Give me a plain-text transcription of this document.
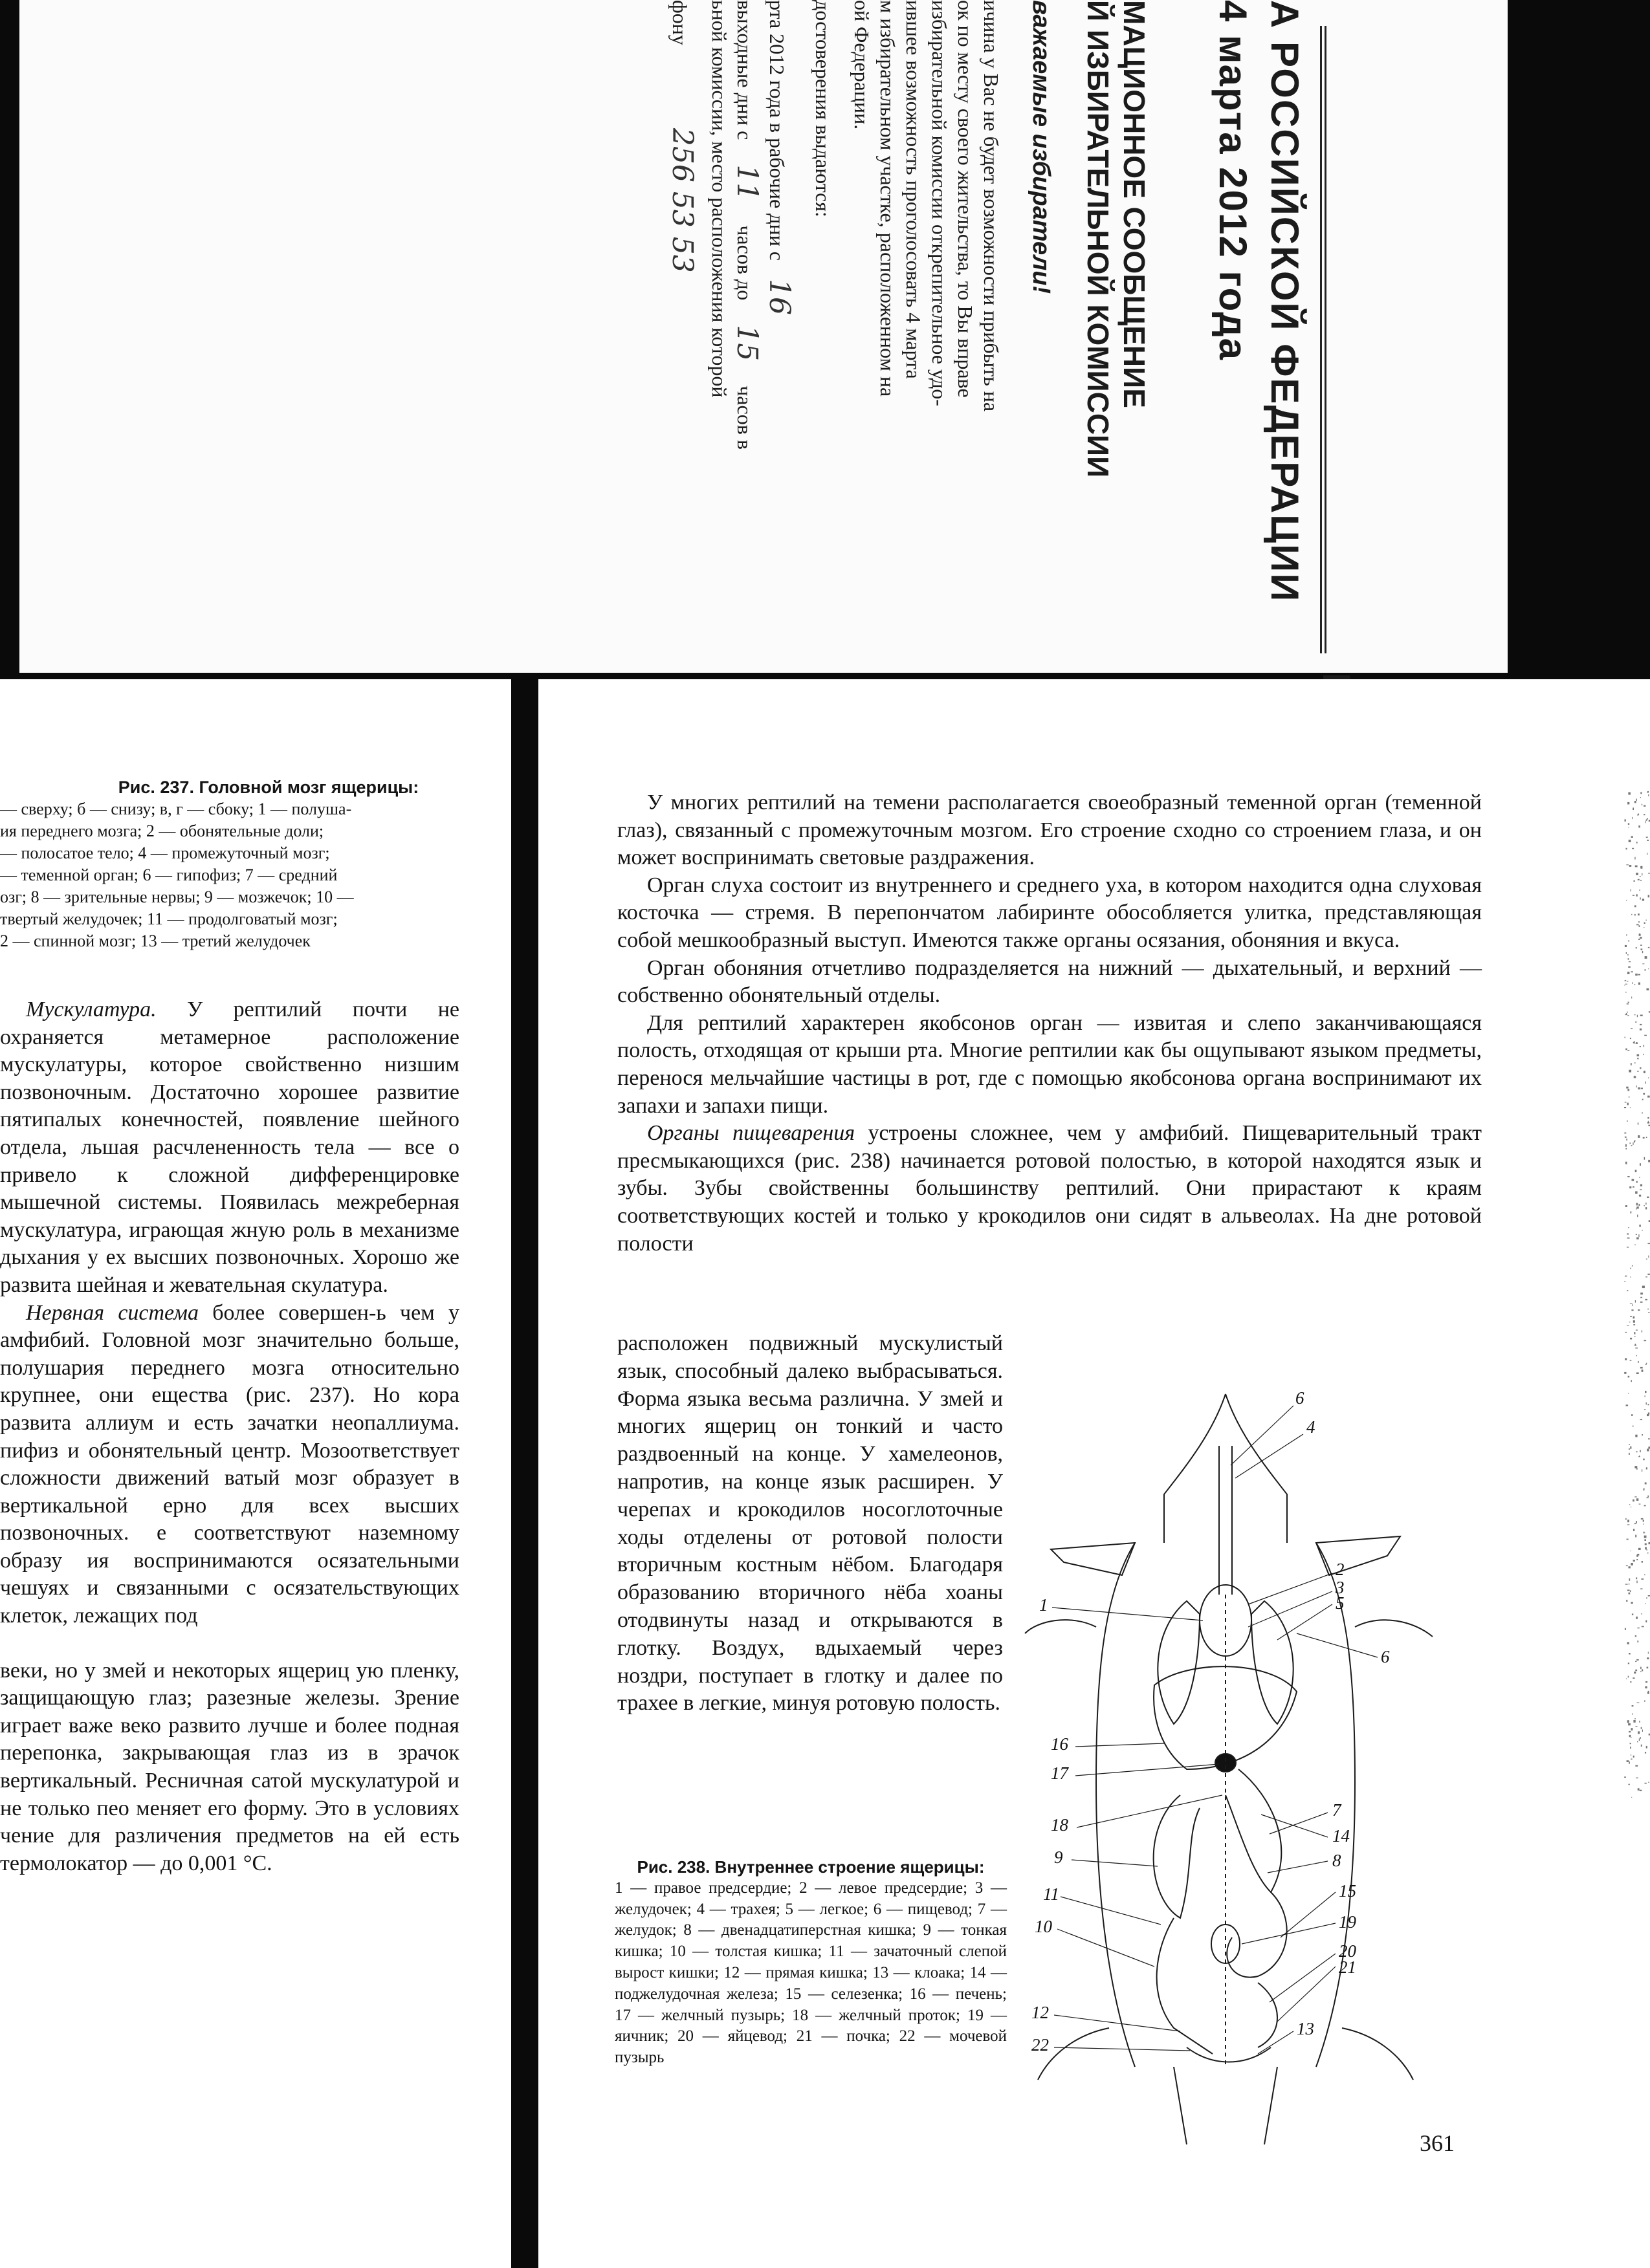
А РОССИЙСКОЙ ФЕДЕРАЦИИ
4 марта 2012 года
МАЦИОННОЕ СООБЩЕНИЕ
Й ИЗБИРАТЕЛЬНОЙ КОМИССИИ
важаемые избиратели!
ичина у Вас не будет возможности прибыть на
ок по месту своего жительства, то Вы вправе
избирательной комиссии открепительное удо-
ившее возможность проголосовать 4 марта
м избирательном участке, расположенном на
ой Федерации.
достоверения выдаются:
рта 2012 года в рабочие дни с 16
выходные дни с 11 часов до 15 часов в
ьной комиссии, место расположения которой
фону 256 53 53
Рис. 237. Головной мозг ящерицы:
— сверху; б — снизу; в, г — сбоку; 1 — полуша-
ия переднего мозга; 2 — обонятельные доли;
— полосатое тело; 4 — промежуточный мозг;
— теменной орган; 6 — гипофиз; 7 — средний
озг; 8 — зрительные нервы; 9 — мозжечок; 10 —
твертый желудочек; 11 — продолговатый мозг;
2 — спинной мозг; 13 — третий желудочек

Мускулатура. У рептилий почти не охраняется метамерное расположение мускулатуры, которое свойственно низшим позвоночным. Достаточно хорошее развитие пятипалых конечностей, появление шейного отдела, льшая расчлененность тела — все о привело к сложной дифференцировке мышечной системы. Появилась межреберная мускулатура, играющая жную роль в механизме дыхания у ех высших позвоночных. Хорошо же развита шейная и жевательная скулатура.

Нервная система более совершен-ь чем у амфибий. Головной мозг значительно больше, полушария переднего мозга относительно крупнее, они ещества (рис. 237). Но кора развита аллиум и есть зачатки неопаллиума. пифиз и обонятельный центр. Мозоответствует сложности движений ватый мозг образует в вертикальной ерно для всех высших позвоночных. е соответствуют наземному образу ия воспринимаются осязательными чешуях и связанными с осязательствующих клеток, лежащих под

веки, но у змей и некоторых ящериц ую пленку, защищающую глаз; разезные железы. Зрение играет важе веко развито лучше и более подная перепонка, закрывающая глаз из в зрачок вертикальный. Ресничная сатой мускулатурой и не только пео меняет его форму. Это в условиях чение для различения предметов на ей есть термолокатор — до 0,001 °С.

У многих рептилий на темени располагается своеобразный теменной орган (теменной глаз), связанный с промежуточным мозгом. Его строение сходно со строением глаза, и он может воспринимать световые раздражения.

Орган слуха состоит из внутреннего и среднего уха, в котором находится одна слуховая косточка — стремя. В перепончатом лабиринте обособляется улитка, представляющая собой мешкообразный выступ. Имеются также органы осязания, обоняния и вкуса.

Орган обоняния отчетливо подразделяется на нижний — дыхательный, и верхний — собственно обонятельный отделы.

Для рептилий характерен якобсонов орган — извитая и слепо заканчивающаяся полость, отходящая от крыши рта. Многие рептилии как бы ощупывают языком предметы, перенося мельчайшие частицы в рот, где с помощью якобсонова органа воспринимают их запахи и запахи пищи.

Органы пищеварения устроены сложнее, чем у амфибий. Пищеварительный тракт пресмыкающихся (рис. 238) начинается ротовой полостью, в которой находятся язык и зубы. Зубы свойственны большинству рептилий. Они прирастают к краям соответствующих костей и только у крокодилов они сидят в альвеолах. На дне ротовой полости

расположен подвижный мускулистый язык, способный далеко выбрасываться. Форма языка весьма различна. У змей и многих ящериц он тонкий и часто раздвоенный на конце. У хамелеонов, напротив, на конце язык расширен. У черепах и крокодилов носоглоточные ходы отделены от ротовой полости вторичным костным нёбом. Благодаря образованию вторичного нёба хоаны отодвинуты назад и открываются в глотку. Воздух, вдыхаемый через ноздри, поступает в глотку и далее по трахее в легкие, минуя ротовую полость.

Рис. 238. Внутреннее строение ящерицы:
1 — правое предсердие; 2 — левое предсердие; 3 — желудочек; 4 — трахея; 5 — легкое; 6 — пищевод; 7 — желудок; 8 — двенадцатиперстная кишка; 9 — тонкая кишка; 10 — толстая кишка; 11 — зачаточный слепой вырост кишки; 12 — прямая кишка; 13 — клоака; 14 — поджелудочная железа; 15 — селезенка; 16 — печень; 17 — желчный пузырь; 18 — желчный проток; 19 — яичник; 20 — яйцевод; 21 — почка; 22 — мочевой пузырь
6
4
2
3
5
6
1
16
17
7
14
18
8
9
15
11
19
10
20
21
12
13
22
361
